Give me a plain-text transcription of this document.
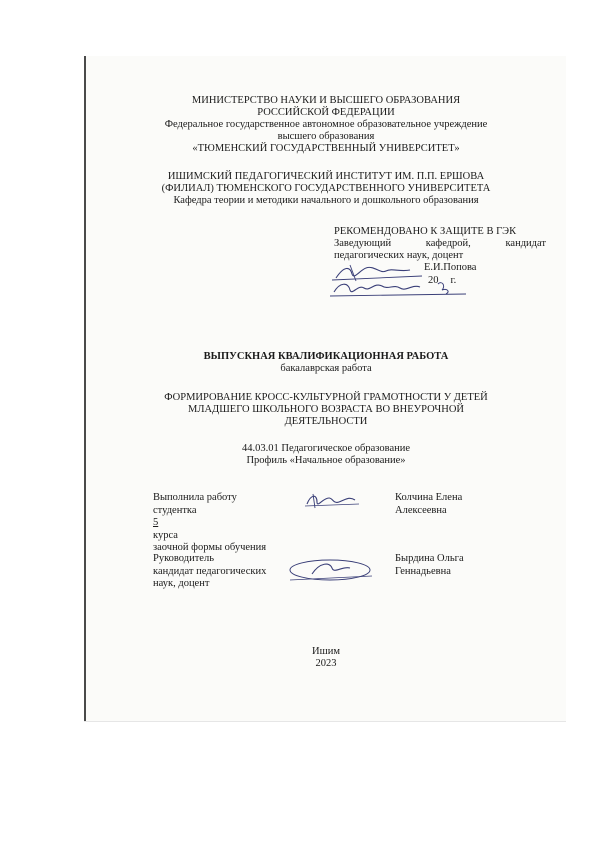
МИНИСТЕРСТВО НАУКИ И ВЫСШЕГО ОБРАЗОВАНИЯ
РОССИЙСКОЙ ФЕДЕРАЦИИ
Федеральное государственное автономное образовательное учреждение
высшего образования
«ТЮМЕНСКИЙ ГОСУДАРСТВЕННЫЙ УНИВЕРСИТЕТ»
ИШИМСКИЙ ПЕДАГОГИЧЕСКИЙ ИНСТИТУТ ИМ. П.П. ЕРШОВА
(ФИЛИАЛ) ТЮМЕНСКОГО ГОСУДАРСТВЕННОГО УНИВЕРСИТЕТА
Кафедра теории и методики начального и дошкольного образования
РЕКОМЕНДОВАНО К ЗАЩИТЕ В ГЭК
Заведующий	кафедрой,	кандидат
педагогических наук, доцент
Е.И.Попова
20 г.
ВЫПУСКНАЯ КВАЛИФИКАЦИОННАЯ РАБОТА
бакалаврская работа
ФОРМИРОВАНИЕ КРОСС-КУЛЬТУРНОЙ ГРАМОТНОСТИ У ДЕТЕЙ
МЛАДШЕГО ШКОЛЬНОГО ВОЗРАСТА ВО ВНЕУРОЧНОЙ
ДЕЯТЕЛЬНОСТИ
44.03.01 Педагогическое образование
Профиль «Начальное образование»
Выполнила работу
студентка
5
курса
заочной формы обучения
Колчина Елена
Алексеевна
Руководитель
кандидат педагогических
наук, доцент
Бырдина Ольга
Геннадьевна
Ишим
2023
